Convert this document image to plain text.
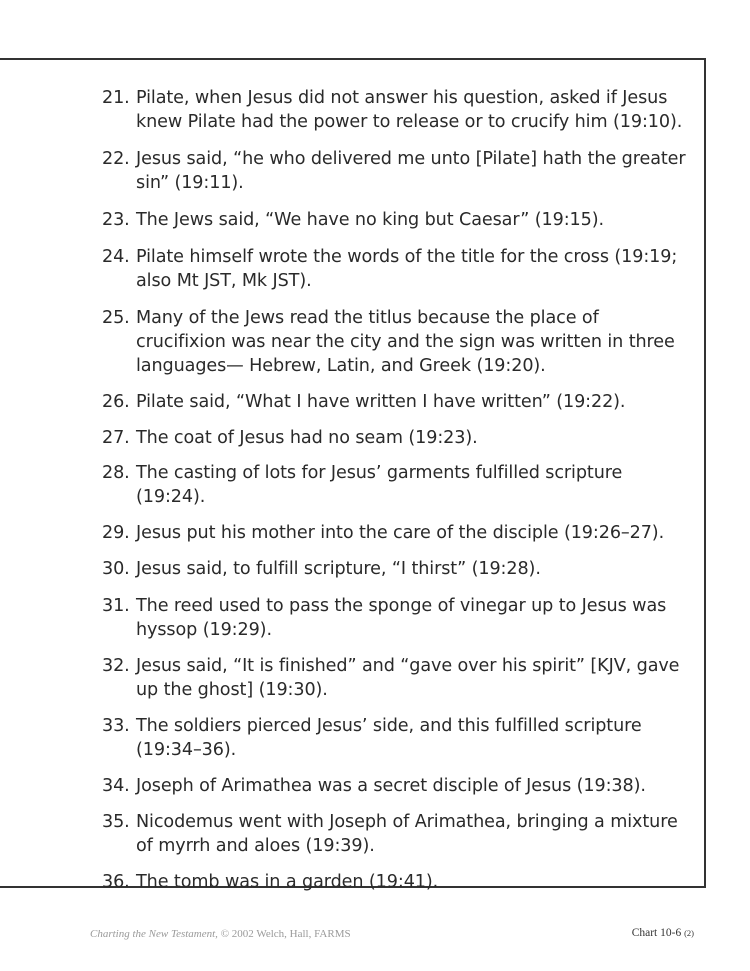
21. Pilate, when Jesus did not answer his question, asked if Jesus knew Pilate had the power to release or to crucify him (19:10).
22. Jesus said, “he who delivered me unto [Pilate] hath the greater sin” (19:11).
23. The Jews said, “We have no king but Caesar” (19:15).
24. Pilate himself wrote the words of the title for the cross (19:19; also Mt JST, Mk JST).
25. Many of the Jews read the titlus because the place of crucifixion was near the city and the sign was written in three languages— Hebrew, Latin, and Greek (19:20).
26. Pilate said, “What I have written I have written” (19:22).
27. The coat of Jesus had no seam (19:23).
28. The casting of lots for Jesus’ garments fulfilled scripture (19:24).
29. Jesus put his mother into the care of the disciple (19:26–27).
30. Jesus said, to fulfill scripture, “I thirst” (19:28).
31. The reed used to pass the sponge of vinegar up to Jesus was hyssop (19:29).
32. Jesus said, “It is finished” and “gave over his spirit” [KJV, gave up the ghost] (19:30).
33. The soldiers pierced Jesus’ side, and this fulfilled scripture (19:34–36).
34. Joseph of Arimathea was a secret disciple of Jesus (19:38).
35. Nicodemus went with Joseph of Arimathea, bringing a mixture of myrrh and aloes (19:39).
36. The tomb was in a garden (19:41).
Charting the New Testament, © 2002 Welch, Hall, FARMS	Chart 10-6 (2)
